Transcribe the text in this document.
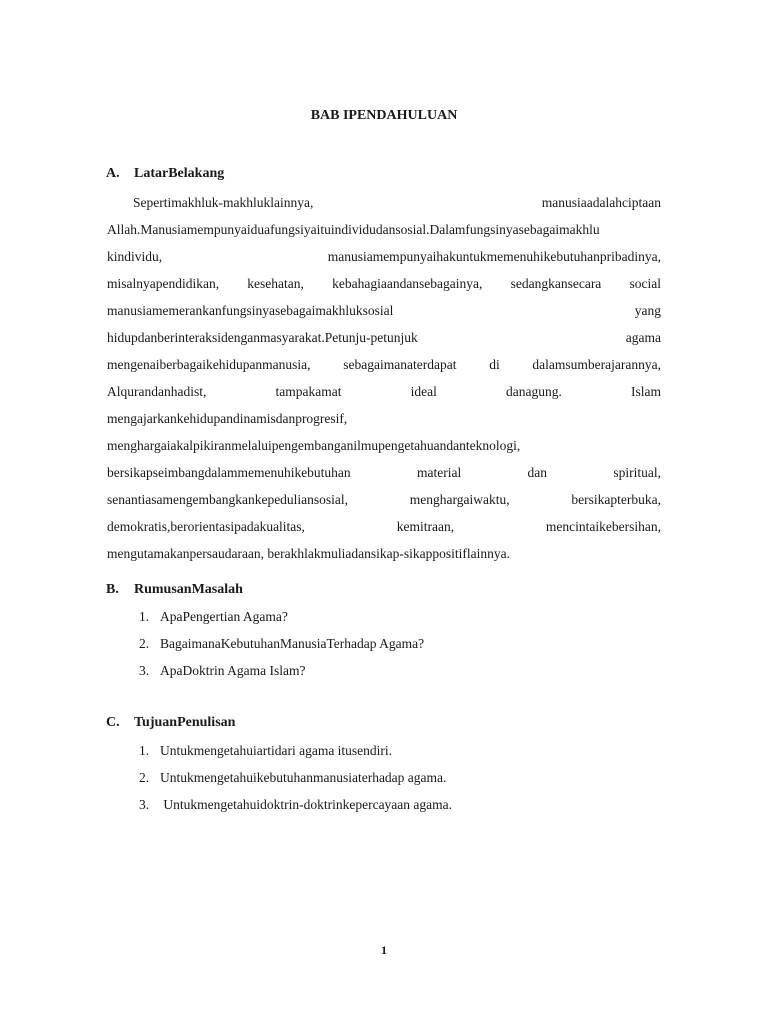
BAB IPENDAHULUAN
A. LatarBelakang
Sepertimakhluk-makhluklainnya, manusiaadalahciptaan
Allah.Manusiamempunyaiduafungsiyaituindividudansosial.Dalamfungsinyasebagaimakhlu
kindividu, manusiamempunyaihakuntukmemenuhikebutuhanpribadinya,
misalnyapendidikan, kesehatan, kebahagiaandansebagainya, sedangkansecara social
manusiamemerankanfungsinyasebagaimakhluksosial yang
hidupdanberinteraksidenganmasyarakat.Petunju-petunjuk agama
mengenaiberbagaikehidupanmanusia, sebagaimanaterdapat di dalamsumberajarannya,
Alqurandanhadist, tampakamat ideal danagung. Islam
mengajarkankehidupandinamisdanprogresif,
menghargaiakalpikiranmelaluipengembanganilmupengetahuandanteknologi,
bersikapseimbangdalammemenuhikebutuhan material dan spiritual,
senantiasamengembangkankepeduliansosial, menghargaiwaktu, bersikapterbuka,
demokratis,berorientasipadakualitas, kemitraan, mencintaikebersihan,
mengutamakanpersaudaraan, berakhlakmuliadansikap-sikappositiflainnya.
B. RumusanMasalah
1. ApaPengertian Agama?
2. BagaimanaKebutuhanManusiaTerhadap Agama?
3. ApaDoktrin Agama Islam?
C. TujuanPenulisan
1. Untukmengetahuiartidari agama itusendiri.
2. Untukmengetahuikebutuhanmanusiaterhadap agama.
3. Untukmengetahuidoktrin-doktrinkepercayaan agama.
1
